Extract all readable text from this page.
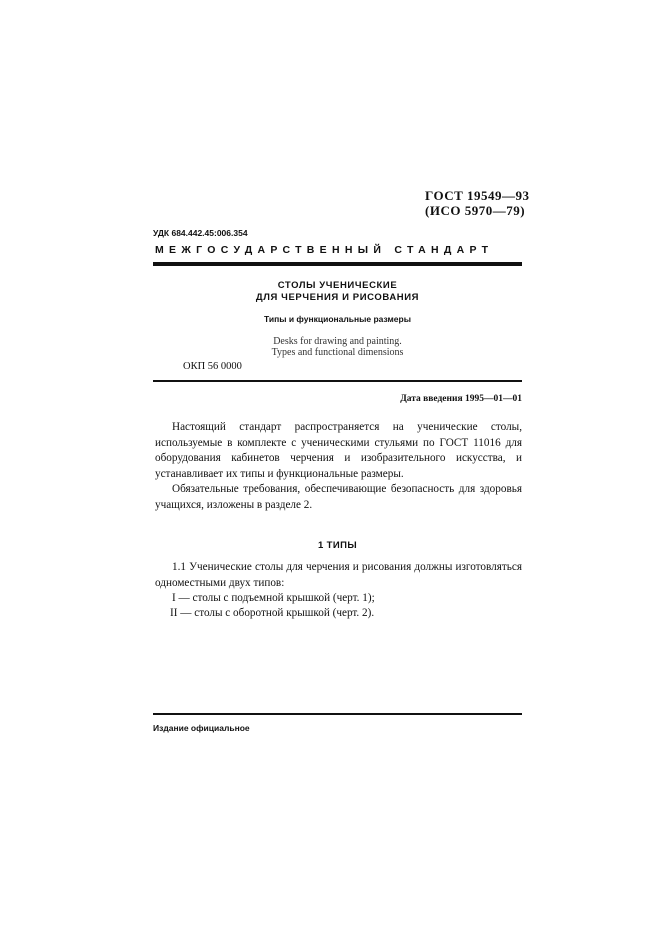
ГОСТ 19549—93
(ИСО 5970—79)
УДК 684.442.45:006.354
МЕЖГОСУДАРСТВЕННЫЙ СТАНДАРТ
СТОЛЫ УЧЕНИЧЕСКИЕ
ДЛЯ ЧЕРЧЕНИЯ И РИСОВАНИЯ
Типы и функциональные размеры
Desks for drawing and painting.
Types and functional dimensions
ОКП 56 0000
Дата введения 1995—01—01

Настоящий стандарт распространяется на ученические столы, используемые в комплекте с ученическими стульями по ГОСТ 11016 для оборудования кабинетов черчения и изобразительного искусства, и устанавливает их типы и функциональные размеры.

Обязательные требования, обеспечивающие безопасность для здоровья учащихся, изложены в разделе 2.

1 ТИПЫ

1.1 Ученические столы для черчения и рисования должны изготовляться одноместными двух типов:

I — столы с подъемной крышкой (черт. 1);
II — столы с оборотной крышкой (черт. 2).
Издание официальное
